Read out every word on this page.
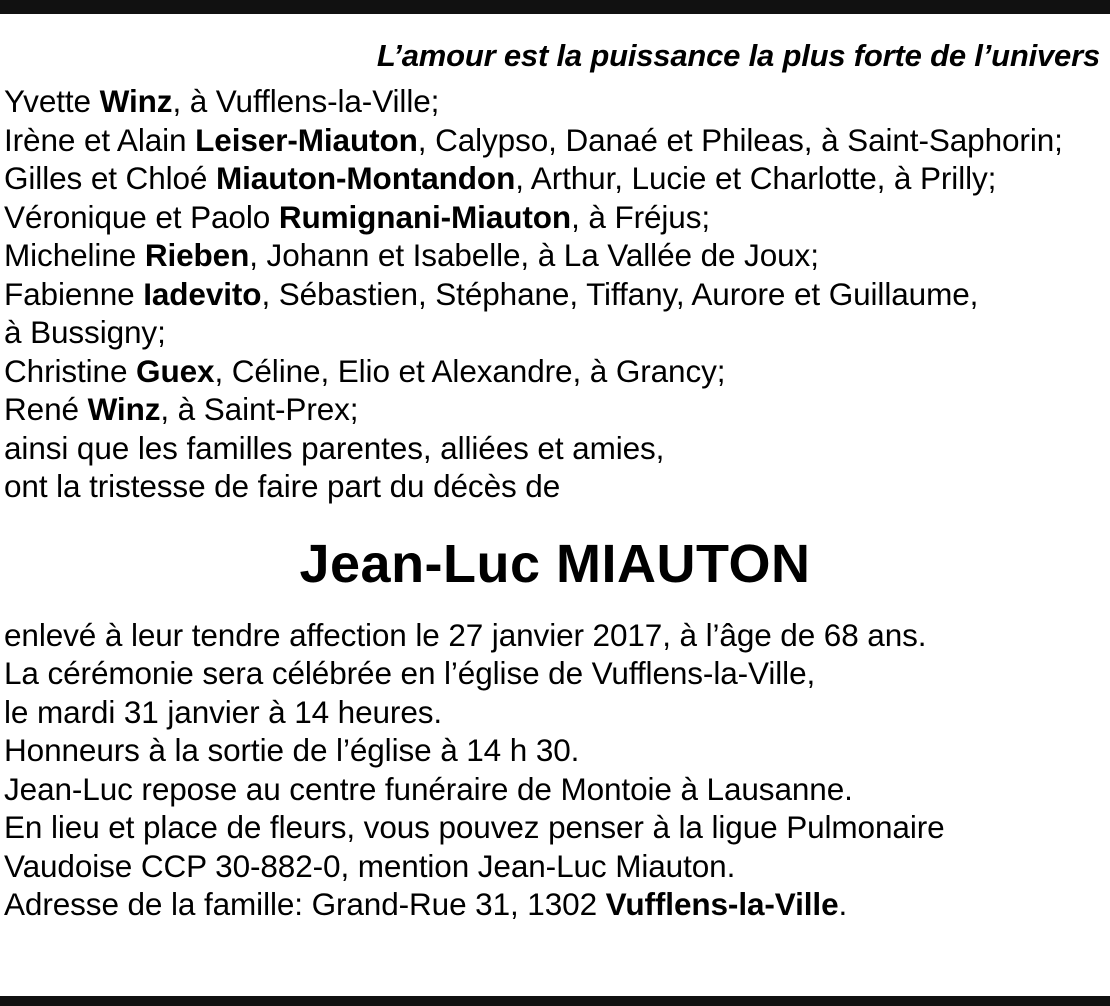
L’amour est la puissance la plus forte de l’univers
Yvette Winz, à Vufflens-la-Ville;
Irène et Alain Leiser-Miauton, Calypso, Danaé et Phileas, à Saint-Saphorin;
Gilles et Chloé Miauton-Montandon, Arthur, Lucie et Charlotte, à Prilly;
Véronique et Paolo Rumignani-Miauton, à Fréjus;
Micheline Rieben, Johann et Isabelle, à La Vallée de Joux;
Fabienne Iadevito, Sébastien, Stéphane, Tiffany, Aurore et Guillaume,
à Bussigny;
Christine Guex, Céline, Elio et Alexandre, à Grancy;
René Winz, à Saint-Prex;
ainsi que les familles parentes, alliées et amies,
ont la tristesse de faire part du décès de
Jean-Luc MIAUTON
enlevé à leur tendre affection le 27 janvier 2017, à l’âge de 68 ans.
La cérémonie sera célébrée en l’église de Vufflens-la-Ville,
le mardi 31 janvier à 14 heures.
Honneurs à la sortie de l’église à 14 h 30.
Jean-Luc repose au centre funéraire de Montoie à Lausanne.
En lieu et place de fleurs, vous pouvez penser à la ligue Pulmonaire
Vaudoise CCP 30-882-0, mention Jean-Luc Miauton.
Adresse de la famille: Grand-Rue 31, 1302 Vufflens-la-Ville.
